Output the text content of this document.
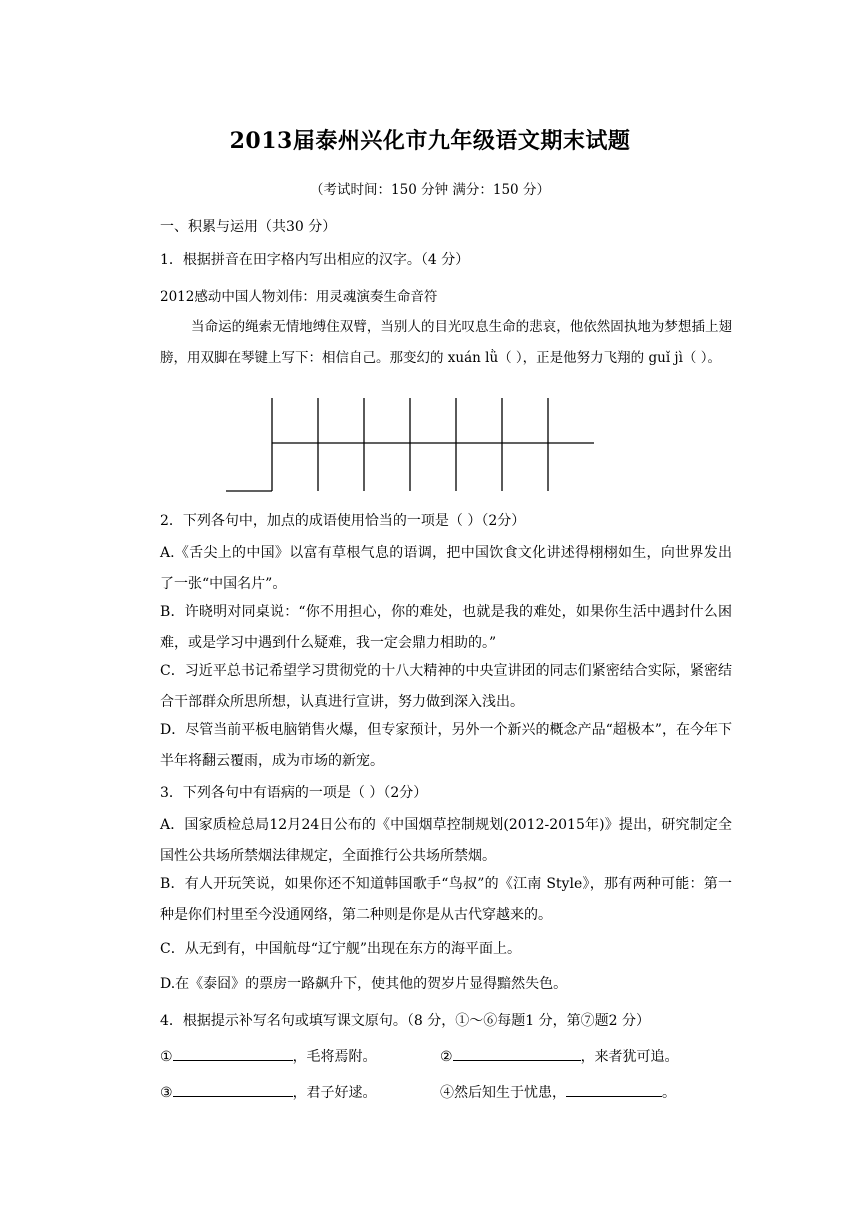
2013届泰州兴化市九年级语文期末试题
（考试时间：150 分钟 满分：150 分）
一、积累与运用（共30 分）
1．根据拼音在田字格内写出相应的汉字。（4 分）
2012感动中国人物刘伟：用灵魂演奏生命音符
当命运的绳索无情地缚住双臂，当别人的目光叹息生命的悲哀，他依然固执地为梦想插上翅膀，用双脚在琴键上写下：相信自己。那变幻的 xuán lǜ（ ），正是他努力飞翔的 guǐ jì（ ）。
2．下列各句中，加点的成语使用恰当的一项是（ ）（2分）
A.《舌尖上的中国》以富有草根气息的语调，把中国饮食文化讲述得栩栩如生，向世界发出了一张“中国名片”。
B．许晓明对同桌说：“你不用担心，你的难处，也就是我的难处，如果你生活中遇封什么困难，或是学习中遇到什么疑难，我一定会鼎力相助的。”
C．习近平总书记希望学习贯彻党的十八大精神的中央宣讲团的同志们紧密结合实际，紧密结合干部群众所思所想，认真进行宣讲，努力做到深入浅出。
D．尽管当前平板电脑销售火爆，但专家预计，另外一个新兴的概念产品“超极本”，在今年下半年将翻云覆雨，成为市场的新宠。
3．下列各句中有语病的一项是（ ）（2分）
A．国家质检总局12月24日公布的《中国烟草控制规划(2012-2015年)》提出，研究制定全国性公共场所禁烟法律规定，全面推行公共场所禁烟。
B．有人开玩笑说，如果你还不知道韩国歌手“鸟叔”的《江南 Style》，那有两种可能：第一种是你们村里至今没通网络，第二种则是你是从古代穿越来的。
C．从无到有，中国航母“辽宁舰”出现在东方的海平面上。
D.在《泰囧》的票房一路飙升下，使其他的贺岁片显得黯然失色。
4．根据提示补写名句或填写课文原句。（8 分，①～⑥每题1 分，第⑦题2 分）
①	，毛将焉附。	②	，来者犹可追。
③	，君子好逑。	④然后知生于忧患，	。
